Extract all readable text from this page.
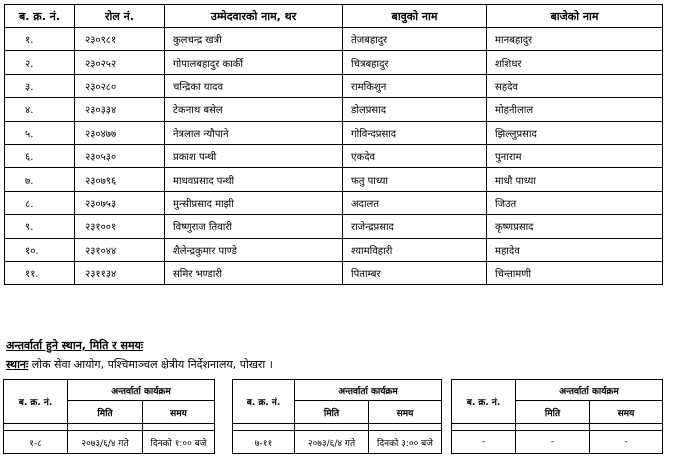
ब. क्र. नं.	रोल नं.	उम्मेदवारको नाम, थर	बावुको नाम	बाजेको नाम
१.	२३०९८१	कुलचन्द्र खत्री	तेजबहादुर	मानबहादुर
२.	२३०२५२	गोपालबहादुर कार्की	चित्रबहादुर	शशिधर
३.	२३०२८०	चन्द्रिका यादव	रामकिशुन	सहदेव
४.	२३०३३४	टेकनाथ बसेल	डोलप्रसाद	मोहनीलाल
५.	२३०४७७	नेत्रलाल न्यौपाने	गोविन्दप्रसाद	झिल्लुप्रसाद
६.	२३०५३०	प्रकाश पन्थी	एकदेव	पुनाराम
७.	२३०७९६	माधवप्रसाद पन्थी	फतु पाध्या	माधौ पाध्या
८.	२३०७५३	मुन्सीप्रसाद माझी	अदालत	जिउत
९.	२३१००१	विष्णुराज तिवारी	राजेन्द्रप्रसाद	कृष्णप्रसाद
१०.	२३१०४४	शैलेन्द्रकुमार पाण्डे	श्यामविहारी	महादेव
११.	२३११३४	समिर भण्डारी	पिताम्बर	चिन्तामणी
अन्तर्वार्ता हुने स्थान, मिति र समयः
स्थानः लोक सेवा आयोग, पश्चिमाञ्चल क्षेत्रीय निर्देशनालय, पोखरा ।
ब. क्र. नं.	अन्तर्वार्ता कार्यक्रम	
	मिति	समय

१-८	२०७३/६/४ गते	दिनको १:०० बजे
ब. क्र. नं.	अन्तर्वार्ता कार्यक्रम	
	मिति	समय

७-११	२०७३/६/४ गते	दिनको ३:०० बजे
ब. क्र. नं.	अन्तर्वार्ता कार्यक्रम	
	मिति	समय

-	-	-
